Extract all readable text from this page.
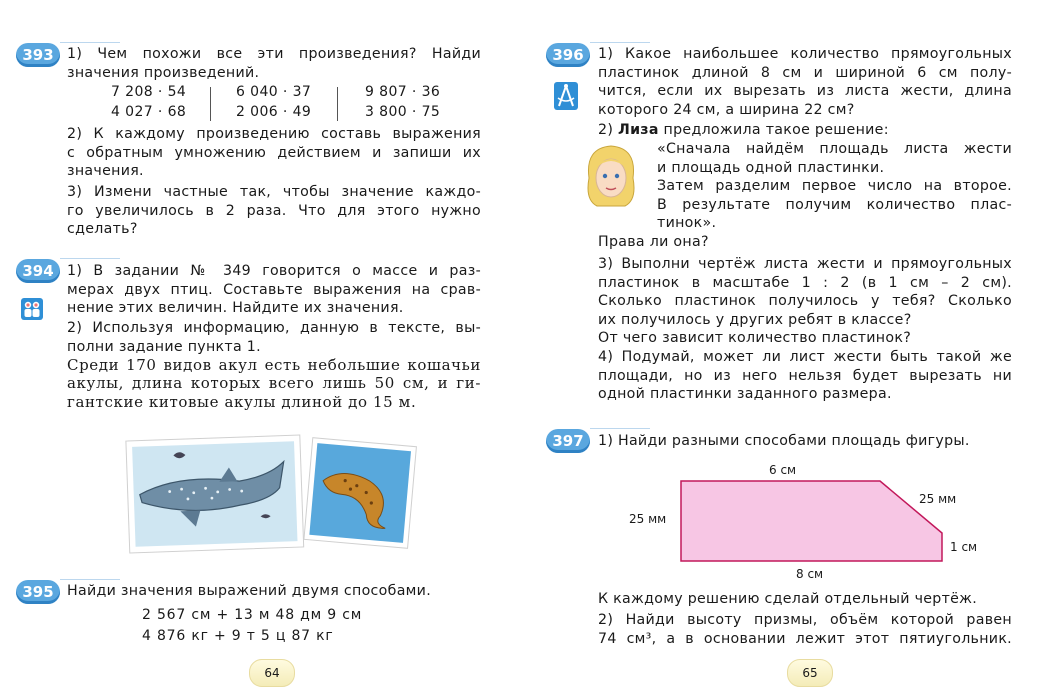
393 1) Чем похожи все эти произведения? Найди
значения произведений.
7 208 · 54
4 027 · 68
6 040 · 37
2 006 · 49
9 807 · 36
3 800 · 75
2) К каждому произведению составь выражения
с обратным умножению действием и запиши их
значения.
3) Измени частные так, чтобы значение каждо-
го увеличилось в 2 раза. Что для этого нужно
сделать?
394 1) В задании № 349 говорится о массе и раз-
мерах двух птиц. Составьте выражения на срав-
нение этих величин. Найдите их значения.
2) Используя информацию, данную в тексте, вы-
полни задание пункта 1.
Среди 170 видов акул есть небольшие кошачьи
акулы, длина которых всего лишь 50 см, и ги-
гантские китовые акулы длиной до 15 м.
395 Найди значения выражений двумя способами.
2 567 см + 13 м 48 дм 9 см
4 876 кг + 9 т 5 ц 87 кг
64
396	1) Какое наибольшее количество прямоугольных
пластинок длиной 8 см и шириной 6 см полу-
чится, если их вырезать из листа жести, длина
которого 24 см, а ширина 22 см?
2) Лиза предложила такое решение:
«Сначала найдём площадь листа жести
и площадь одной пластинки.
Затем разделим первое число на второе.
В результате получим количество плас-
тинок».
Права ли она?
3) Выполни чертёж листа жести и прямоугольных
пластинок в масштабе 1 : 2 (в 1 см – 2 см).
Сколько пластинок получилось у тебя? Сколько
их получилось у других ребят в классе?
От чего зависит количество пластинок?
4) Подумай, может ли лист жести быть такой же
площади, но из него нельзя будет вырезать ни
одной пластинки заданного размера.
397	1) Найди разными способами площадь фигуры.
6 см
25 мм
25 мм
1 см
8 см
К каждому решению сделай отдельный чертёж.
2) Найди высоту призмы, объём которой равен
74 см³, а в основании лежит этот пятиугольник.
65
